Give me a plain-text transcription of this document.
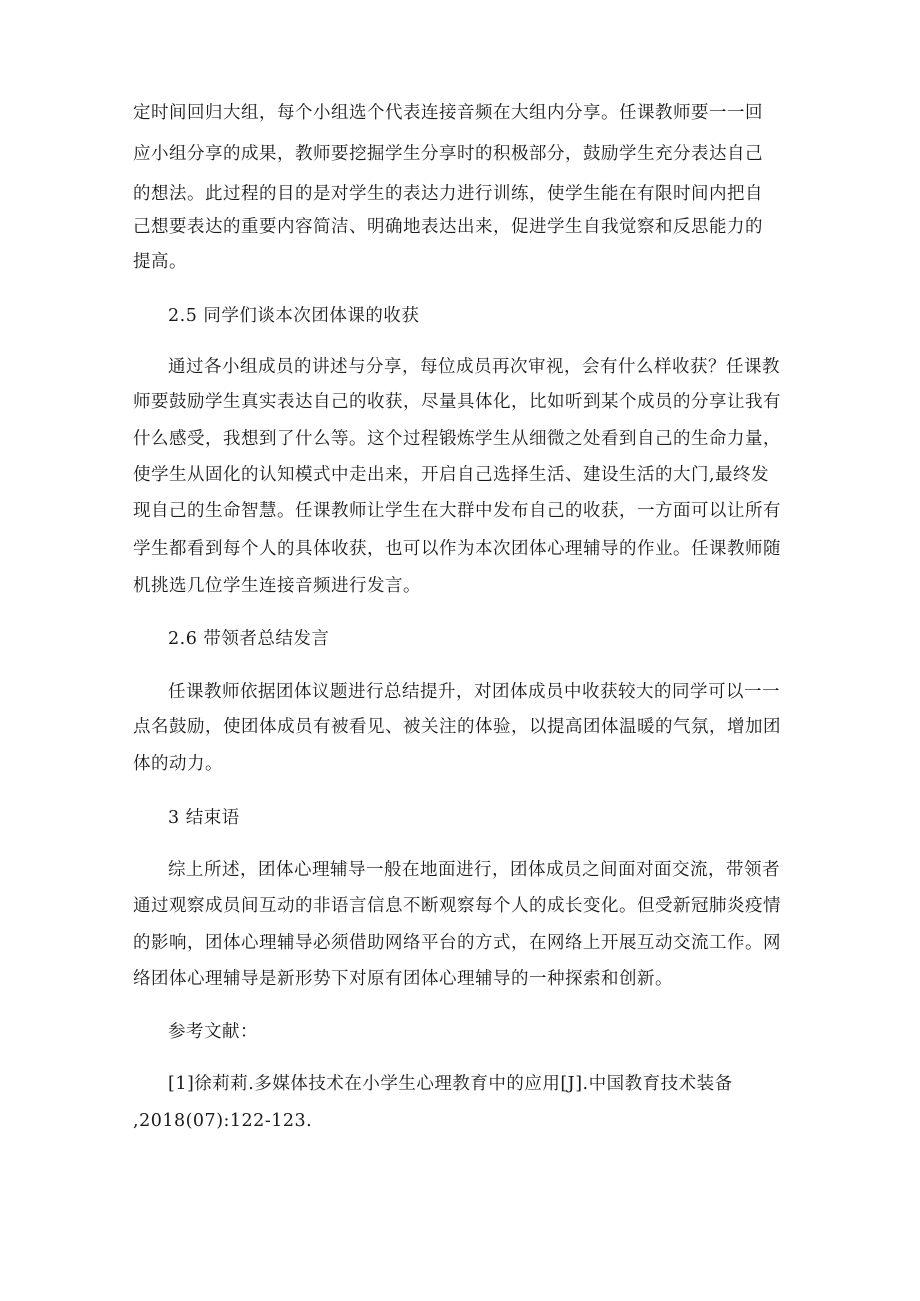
定时间回归大组，每个小组选个代表连接音频在大组内分享。任课教师要一一回
应小组分享的成果，教师要挖掘学生分享时的积极部分，鼓励学生充分表达自己
的想法。此过程的目的是对学生的表达力进行训练，使学生能在有限时间内把自
己想要表达的重要内容简洁、明确地表达出来，促进学生自我觉察和反思能力的
提高。
2.5 同学们谈本次团体课的收获
通过各小组成员的讲述与分享，每位成员再次审视，会有什么样收获？任课教
师要鼓励学生真实表达自己的收获，尽量具体化，比如听到某个成员的分享让我有
什么感受，我想到了什么等。这个过程锻炼学生从细微之处看到自己的生命力量，
使学生从固化的认知模式中走出来，开启自己选择生活、建设生活的大门,最终发
现自己的生命智慧。任课教师让学生在大群中发布自己的收获，一方面可以让所有
学生都看到每个人的具体收获，也可以作为本次团体心理辅导的作业。任课教师随
机挑选几位学生连接音频进行发言。
2.6 带领者总结发言
任课教师依据团体议题进行总结提升，对团体成员中收获较大的同学可以一一
点名鼓励，使团体成员有被看见、被关注的体验，以提高团体温暖的气氛，增加团
体的动力。
3 结束语
综上所述，团体心理辅导一般在地面进行，团体成员之间面对面交流，带领者
通过观察成员间互动的非语言信息不断观察每个人的成长变化。但受新冠肺炎疫情
的影响，团体心理辅导必须借助网络平台的方式，在网络上开展互动交流工作。网
络团体心理辅导是新形势下对原有团体心理辅导的一种探索和创新。
参考文献：
[1]徐莉莉.多媒体技术在小学生心理教育中的应用[J].中国教育技术装备
,2018(07):122-123.
